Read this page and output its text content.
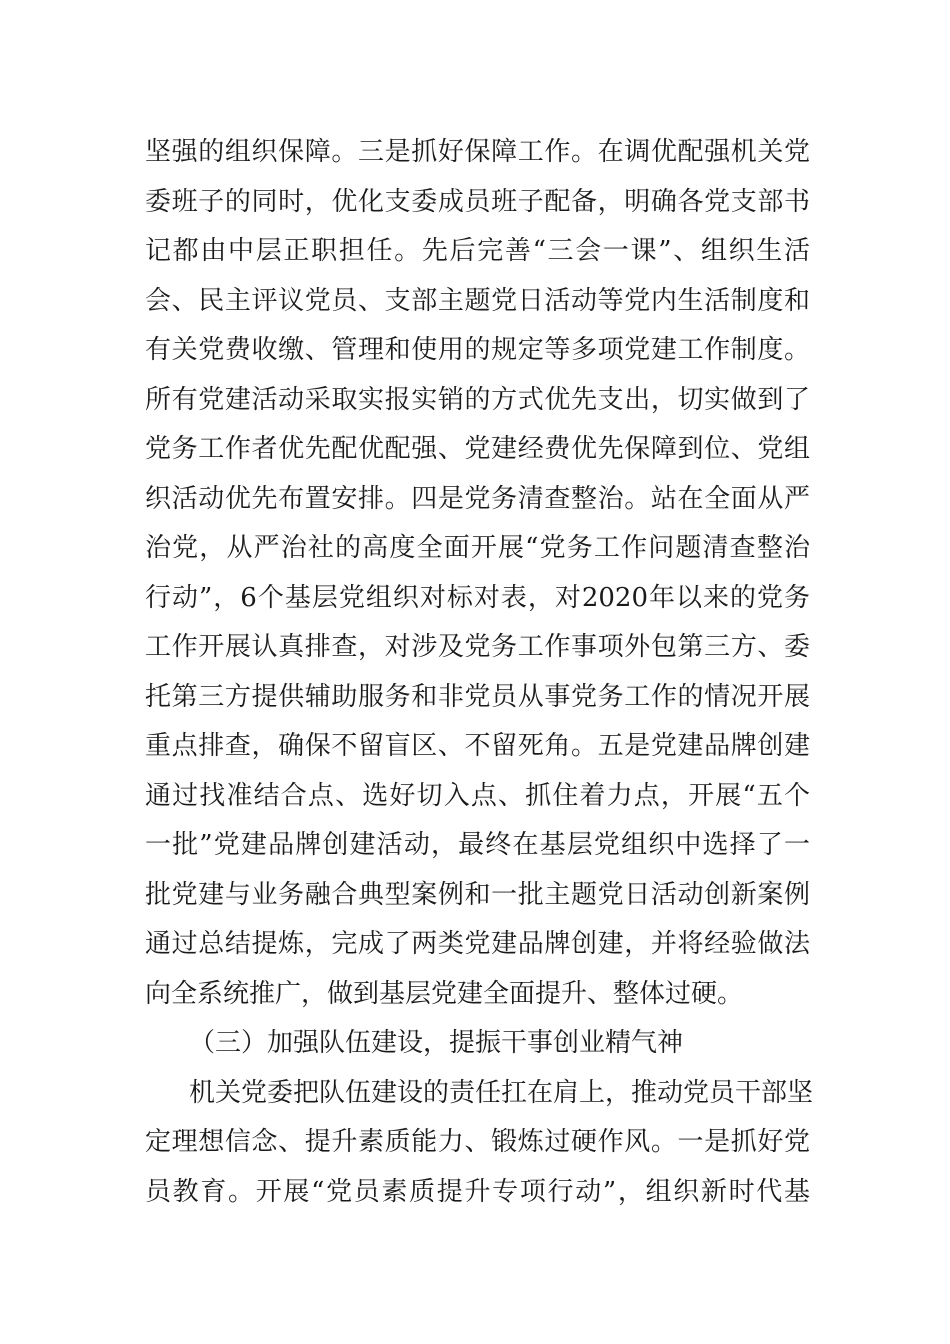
坚强的组织保障。三是抓好保障工作。在调优配强机关党
委班子的同时，优化支委成员班子配备，明确各党支部书
记都由中层正职担任。先后完善“三会一课”、组织生活
会、民主评议党员、支部主题党日活动等党内生活制度和
有关党费收缴、管理和使用的规定等多项党建工作制度。
所有党建活动采取实报实销的方式优先支出，切实做到了
党务工作者优先配优配强、党建经费优先保障到位、党组
织活动优先布置安排。四是党务清查整治。站在全面从严
治党，从严治社的高度全面开展“党务工作问题清查整治
行动”，6个基层党组织对标对表，对2020年以来的党务
工作开展认真排查，对涉及党务工作事项外包第三方、委
托第三方提供辅助服务和非党员从事党务工作的情况开展
重点排查，确保不留盲区、不留死角。五是党建品牌创建
通过找准结合点、选好切入点、抓住着力点，开展“五个
一批”党建品牌创建活动，最终在基层党组织中选择了一
批党建与业务融合典型案例和一批主题党日活动创新案例
通过总结提炼，完成了两类党建品牌创建，并将经验做法
向全系统推广，做到基层党建全面提升、整体过硬。
（三）加强队伍建设，提振干事创业精气神
机关党委把队伍建设的责任扛在肩上，推动党员干部坚
定理想信念、提升素质能力、锻炼过硬作风。一是抓好党
员教育。开展“党员素质提升专项行动”，组织新时代基
